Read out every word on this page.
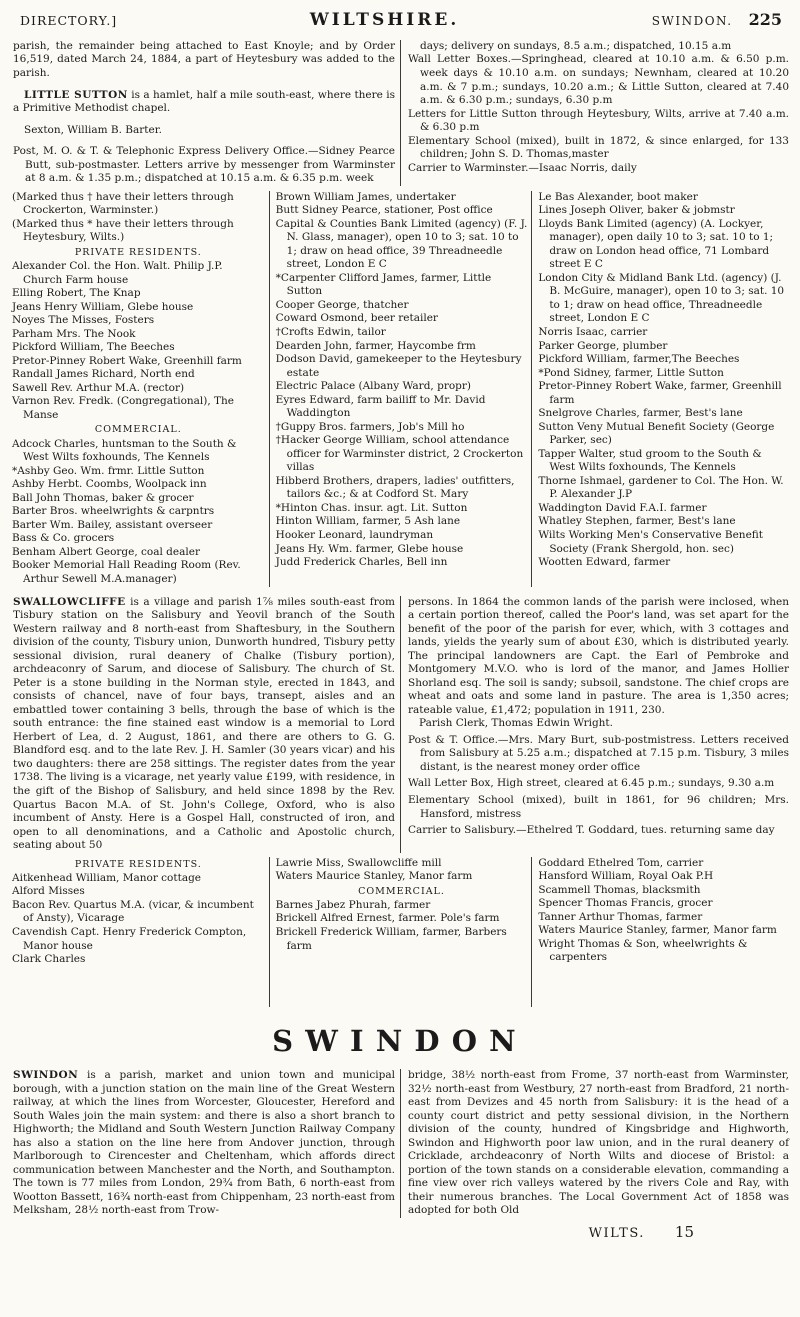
DIRECTORY.]	WILTSHIRE.	SWINDON. 225

parish, the remainder being attached to East Knoyle; and by Order 16,519, dated March 24, 1884, a part of Heytesbury was added to the parish.

LITTLE SUTTON is a hamlet, half a mile south-east, where there is a Primitive Methodist chapel.

Sexton, William B. Barter.

Post, M. O. & T. & Telephonic Express Delivery Office.—Sidney Pearce Butt, sub-postmaster. Letters arrive by messenger from Warminster at 8 a.m. & 1.35 p.m.; dispatched at 10.15 a.m. & 6.35 p.m. week

days; delivery on sundays, 8.5 a.m.; dispatched, 10.15 a.m

Wall Letter Boxes.—Springhead, cleared at 10.10 a.m. & 6.50 p.m. week days & 10.10 a.m. on sundays; Newnham, cleared at 10.20 a.m. & 7 p.m.; sundays, 10.20 a.m.; & Little Sutton, cleared at 7.40 a.m. & 6.30 p.m.; sundays, 6.30 p.m

Letters for Little Sutton through Heytesbury, Wilts, arrive at 7.40 a.m. & 6.30 p.m

Elementary School (mixed), built in 1872, & since enlarged, for 133 children; John S. D. Thomas,master

Carrier to Warminster.—Isaac Norris, daily

(Marked thus † have their letters through Crockerton, Warminster.)
(Marked thus * have their letters through Heytesbury, Wilts.)
PRIVATE RESIDENTS.
Alexander Col. the Hon. Walt. Philip J.P. Church Farm house
Elling Robert, The Knap
Jeans Henry William, Glebe house
Noyes The Misses, Fosters
Parham Mrs. The Nook
Pickford William, The Beeches
Pretor-Pinney Robert Wake, Greenhill farm
Randall James Richard, North end
Sawell Rev. Arthur M.A. (rector)
Varnon Rev. Fredk. (Congregational), The Manse
COMMERCIAL.
Adcock Charles, huntsman to the South & West Wilts foxhounds, The Kennels
*Ashby Geo. Wm. frmr. Little Sutton
Ashby Herbt. Coombs, Woolpack inn
Ball John Thomas, baker & grocer
Barter Bros. wheelwrights & carpntrs
Barter Wm. Bailey, assistant overseer
Bass & Co. grocers
Benham Albert George, coal dealer
Booker Memorial Hall Reading Room (Rev. Arthur Sewell M.A.manager)
Brown William James, undertaker
Butt Sidney Pearce, stationer, Post office
Capital & Counties Bank Limited (agency) (F. J. N. Glass, manager), open 10 to 3; sat. 10 to 1; draw on head office, 39 Threadneedle street, London E C
*Carpenter Clifford James, farmer, Little Sutton
Cooper George, thatcher
Coward Osmond, beer retailer
†Crofts Edwin, tailor
Dearden John, farmer, Haycombe frm
Dodson David, gamekeeper to the Heytesbury estate
Electric Palace (Albany Ward, propr)
Eyres Edward, farm bailiff to Mr. David Waddington
†Guppy Bros. farmers, Job's Mill ho
†Hacker George William, school attendance officer for Warminster district, 2 Crockerton villas
Hibberd Brothers, drapers, ladies' outfitters, tailors &c.; & at Codford St. Mary
*Hinton Chas. insur. agt. Lit. Sutton
Hinton William, farmer, 5 Ash lane
Hooker Leonard, laundryman
Jeans Hy. Wm. farmer, Glebe house
Judd Frederick Charles, Bell inn
Le Bas Alexander, boot maker
Lines Joseph Oliver, baker & jobmstr
Lloyds Bank Limited (agency) (A. Lockyer, manager), open daily 10 to 3; sat. 10 to 1; draw on London head office, 71 Lombard street E C
London City & Midland Bank Ltd. (agency) (J. B. McGuire, manager), open 10 to 3; sat. 10 to 1; draw on head office, Threadneedle street, London E C
Norris Isaac, carrier
Parker George, plumber
Pickford William, farmer,The Beeches
*Pond Sidney, farmer, Little Sutton
Pretor-Pinney Robert Wake, farmer, Greenhill farm
Snelgrove Charles, farmer, Best's lane
Sutton Veny Mutual Benefit Society (George Parker, sec)
Tapper Walter, stud groom to the South & West Wilts foxhounds, The Kennels
Thorne Ishmael, gardener to Col. The Hon. W. P. Alexander J.P
Waddington David F.A.I. farmer
Whatley Stephen, farmer, Best's lane
Wilts Working Men's Conservative Benefit Society (Frank Shergold, hon. sec)
Wootten Edward, farmer

SWALLOWCLIFFE is a village and parish 1⅞ miles south-east from Tisbury station on the Salisbury and Yeovil branch of the South Western railway and 8 north-east from Shaftesbury, in the Southern division of the county, Tisbury union, Dunworth hundred, Tisbury petty sessional division, rural deanery of Chalke (Tisbury portion), archdeaconry of Sarum, and diocese of Salisbury. The church of St. Peter is a stone building in the Norman style, erected in 1843, and consists of chancel, nave of four bays, transept, aisles and an embattled tower containing 3 bells, through the base of which is the south entrance: the fine stained east window is a memorial to Lord Herbert of Lea, d. 2 August, 1861, and there are others to G. G. Blandford esq. and to the late Rev. J. H. Samler (30 years vicar) and his two daughters: there are 258 sittings. The register dates from the year 1738. The living is a vicarage, net yearly value £199, with residence, in the gift of the Bishop of Salisbury, and held since 1898 by the Rev. Quartus Bacon M.A. of St. John's College, Oxford, who is also incumbent of Ansty. Here is a Gospel Hall, constructed of iron, and open to all denominations, and a Catholic and Apostolic church, seating about 50

persons. In 1864 the common lands of the parish were inclosed, when a certain portion thereof, called the Poor's land, was set apart for the benefit of the poor of the parish for ever, which, with 3 cottages and lands, yields the yearly sum of about £30, which is distributed yearly. The principal landowners are Capt. the Earl of Pembroke and Montgomery M.V.O. who is lord of the manor, and James Hollier Shorland esq. The soil is sandy; subsoil, sandstone. The chief crops are wheat and oats and some land in pasture. The area is 1,350 acres; rateable value, £1,472; population in 1911, 230.

Parish Clerk, Thomas Edwin Wright.

Post & T. Office.—Mrs. Mary Burt, sub-postmistress. Letters received from Salisbury at 5.25 a.m.; dispatched at 7.15 p.m. Tisbury, 3 miles distant, is the nearest money order office

Wall Letter Box, High street, cleared at 6.45 p.m.; sundays, 9.30 a.m

Elementary School (mixed), built in 1861, for 96 children; Mrs. Hansford, mistress

Carrier to Salisbury.—Ethelred T. Goddard, tues. returning same day

PRIVATE RESIDENTS.
Aitkenhead William, Manor cottage
Alford Misses
Bacon Rev. Quartus M.A. (vicar, & incumbent of Ansty), Vicarage
Cavendish Capt. Henry Frederick Compton, Manor house
Clark Charles
Lawrie Miss, Swallowcliffe mill
Waters Maurice Stanley, Manor farm
COMMERCIAL.
Barnes Jabez Phurah, farmer
Brickell Alfred Ernest, farmer. Pole's farm
Brickell Frederick William, farmer, Barbers farm
Goddard Ethelred Tom, carrier
Hansford William, Royal Oak P.H
Scammell Thomas, blacksmith
Spencer Thomas Francis, grocer
Tanner Arthur Thomas, farmer
Waters Maurice Stanley, farmer, Manor farm
Wright Thomas & Son, wheelwrights & carpenters
SWINDON

SWINDON is a parish, market and union town and municipal borough, with a junction station on the main line of the Great Western railway, at which the lines from Worcester, Gloucester, Hereford and South Wales join the main system: and there is also a short branch to Highworth; the Midland and South Western Junction Railway Company has also a station on the line here from Andover junction, through Marlborough to Cirencester and Cheltenham, which affords direct communication between Manchester and the North, and Southampton. The town is 77 miles from London, 29¾ from Bath, 6 north-east from Wootton Bassett, 16¾ north-east from Chippenham, 23 north-east from Melksham, 28½ north-east from Trow-

bridge, 38½ north-east from Frome, 37 north-east from Warminster, 32½ north-east from Westbury, 27 north-east from Bradford, 21 north-east from Devizes and 45 north from Salisbury: it is the head of a county court district and petty sessional division, in the Northern division of the county, hundred of Kingsbridge and Highworth, Swindon and Highworth poor law union, and in the rural deanery of Cricklade, archdeaconry of North Wilts and diocese of Bristol: a portion of the town stands on a considerable elevation, commanding a fine view over rich valleys watered by the rivers Cole and Ray, with their numerous branches. The Local Government Act of 1858 was adopted for both Old

WILTS. 15
